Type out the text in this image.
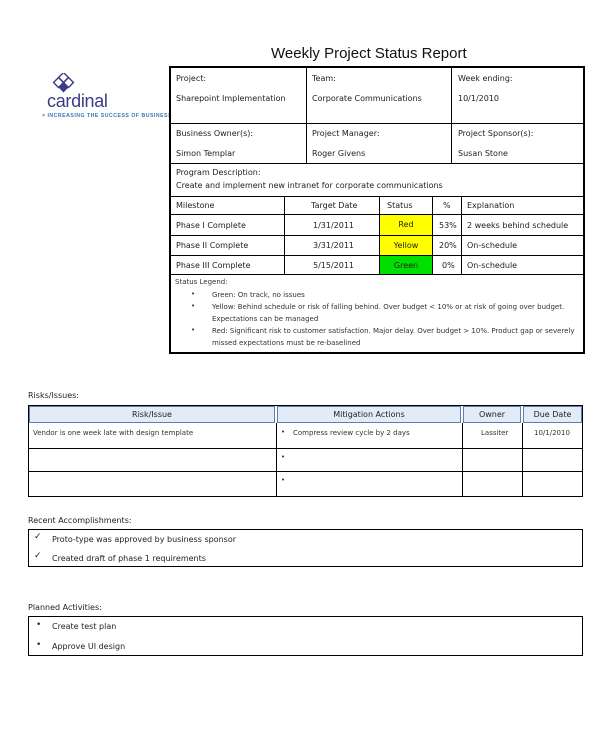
Weekly Project Status Report
cardinal
> INCREASING THE SUCCESS OF BUSINESS
Project:
Sharepoint Implementation
Team:
Corporate Communications
Week ending:
10/1/2010
Business Owner(s):
Simon Templar
Project Manager:
Roger Givens
Project Sponsor(s):
Susan Stone
Program Description:
Create and implement new intranet for corporate communications
Milestone	Target Date	Status	% Explanation
Phase I Complete	1/31/2011	Red	53% 2 weeks behind schedule
Phase II Complete	3/31/2011	Yellow	20% On-schedule
Phase III Complete	5/15/2011	Green	0% On-schedule
Status Legend:
• Green: On track, no issues
• Yellow: Behind schedule or risk of falling behind. Over budget < 10% or at risk of going over budget.
Expectations can be managed
• Red: Significant risk to customer satisfaction. Major delay. Over budget > 10%. Product gap or severely
missed expectations must be re-baselined
Risks/Issues:
Risk/Issue	Mitigation Actions	Owner	Due Date
Vendor is one week late with design template	• Compress review cycle by 2 days	Lassiter	10/1/2010
•
•
Recent Accomplishments:
✓ Proto-type was approved by business sponsor
✓ Created draft of phase 1 requirements
Planned Activities:
• Create test plan
• Approve UI design
